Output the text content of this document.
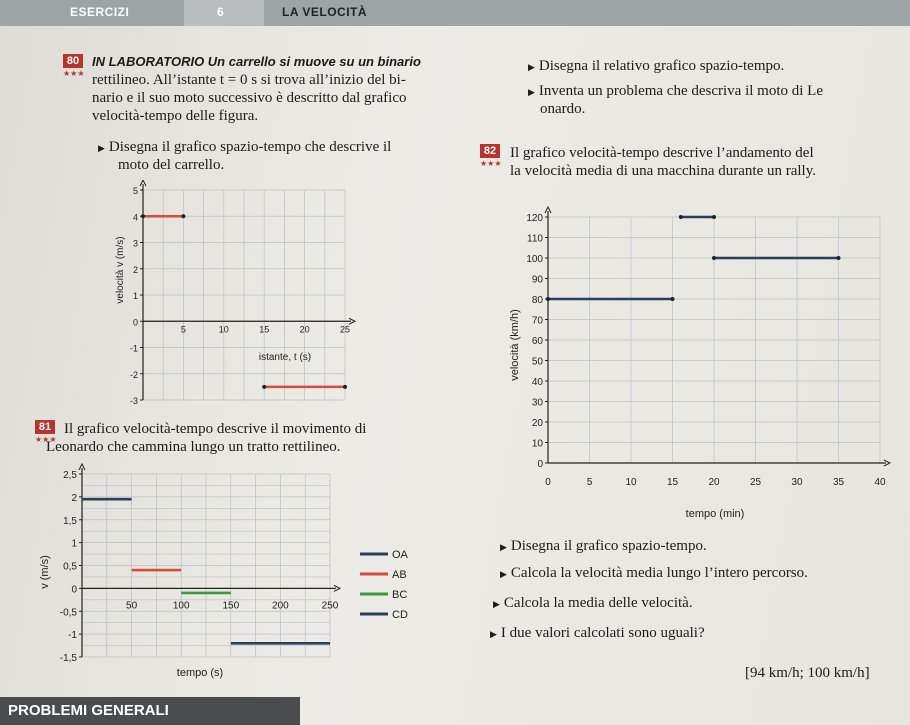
ESERCIZI	6	LA VELOCITÀ
80
★★★
IN LABORATORIO Un carrello si muove su un binario
rettilineo. All’istante t = 0 s si trova all’inizio del bi-
nario e il suo moto successivo è descritto dal grafico
velocità-tempo delle figura.
▶ Disegna il grafico spazio-tempo che descrive il
moto del carrello.
▶ Disegna il relativo grafico spazio-tempo.
▶ Inventa un problema che descriva il moto di Le
onardo.
82
★★★
Il grafico velocità-tempo descrive l’andamento del
la velocità media di una macchina durante un rally.
5	10	15	20	25
5
4
3
2
1
0
-1
-2
-3
istante, t (s)
velocità v (m/s)
0	5	10	15	20	25	30	35	40
120
110
100
90
80
70
60
50
40
30
20
10
0
tempo (min)
velocità (km/h)
81
★★★
Il grafico velocità-tempo descrive il movimento di
Leonardo che cammina lungo un tratto rettilineo.
50	100	150	200	250
2,5
2
1,5
1
0,5
0
-0,5
-1
-1,5
tempo (s)
v (m/s)
OA
AB
BC
CD
▶ Disegna il grafico spazio-tempo.
▶ Calcola la velocità media lungo l’intero percorso.
▶ Calcola la media delle velocità.
▶ I due valori calcolati sono uguali?
[94 km/h; 100 km/h]
PROBLEMI GENERALI
